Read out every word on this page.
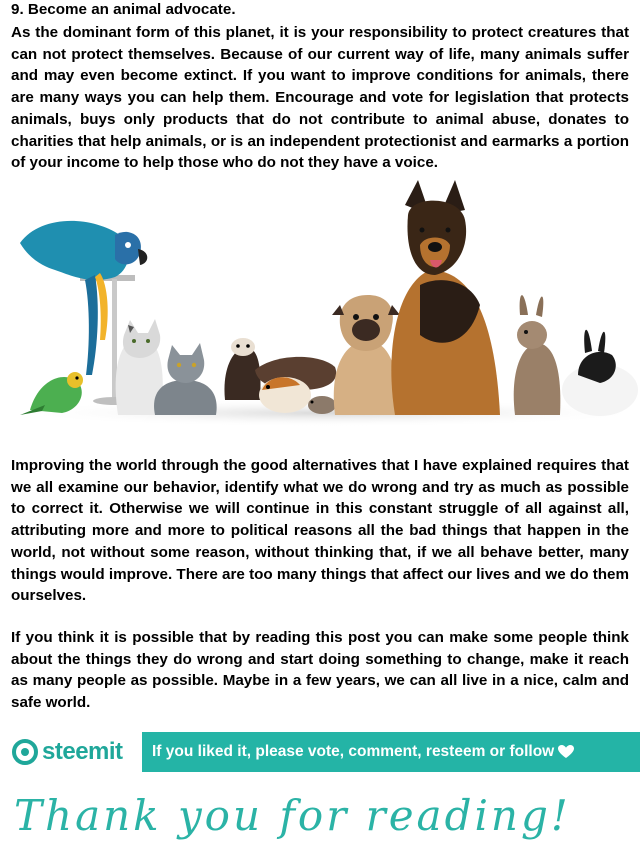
9. Become an animal advocate.

As the dominant form of this planet, it is your responsibility to protect creatures that can not protect themselves. Because of our current way of life, many animals suffer and may even become extinct. If you want to improve conditions for animals, there are many ways you can help them. Encourage and vote for legislation that protects animals, buys only products that do not contribute to animal abuse, donates to charities that help animals, or is an independent protectionist and earmarks a portion of your income to help those who do not they have a voice.

Improving the world through the good alternatives that I have explained requires that we all examine our behavior, identify what we do wrong and try as much as possible to correct it. Otherwise we will continue in this constant struggle of all against all, attributing more and more to political reasons all the bad things that happen in the world, not without some reason, without thinking that, if we all behave better, many things would improve. There are too many things that affect our lives and we do them ourselves.

If you think it is possible that by reading this post you can make some people think about the things they do wrong and start doing something to change, make it reach as many people as possible. Maybe in a few years, we can all live in a nice, calm and safe world.

steemit If you liked it, please vote, comment, resteem or follow
Thank you for reading!
